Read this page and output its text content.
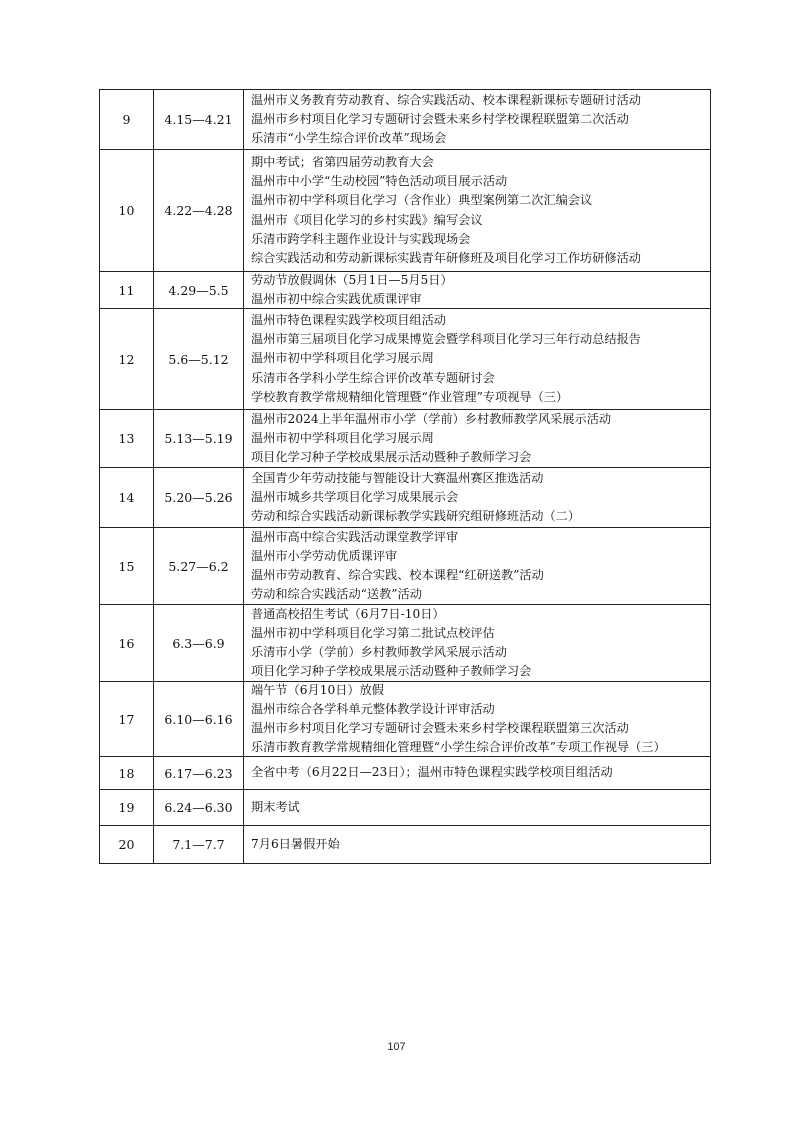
9	4.15—4.21
温州市义务教育劳动教育、综合实践活动、校本课程新课标专题研讨活动
温州市乡村项目化学习专题研讨会暨未来乡村学校课程联盟第二次活动
乐清市“小学生综合评价改革”现场会
10	4.22—4.28
期中考试；省第四届劳动教育大会
温州市中小学“生动校园”特色活动项目展示活动
温州市初中学科项目化学习（含作业）典型案例第二次汇编会议
温州市《项目化学习的乡村实践》编写会议
乐清市跨学科主题作业设计与实践现场会
综合实践活动和劳动新课标实践青年研修班及项目化学习工作坊研修活动
11	4.29—5.5
劳动节放假调休（5月1日—5月5日）
温州市初中综合实践优质课评审
12	5.6—5.12
温州市特色课程实践学校项目组活动
温州市第三届项目化学习成果博览会暨学科项目化学习三年行动总结报告
温州市初中学科项目化学习展示周
乐清市各学科小学生综合评价改革专题研讨会
学校教育教学常规精细化管理暨“作业管理”专项视导（三）
13	5.13—5.19
温州市2024上半年温州市小学（学前）乡村教师教学风采展示活动
温州市初中学科项目化学习展示周
项目化学习种子学校成果展示活动暨种子教师学习会
14	5.20—5.26
全国青少年劳动技能与智能设计大赛温州赛区推选活动
温州市城乡共学项目化学习成果展示会
劳动和综合实践活动新课标教学实践研究组研修班活动（二）
15	5.27—6.2
温州市高中综合实践活动课堂教学评审
温州市小学劳动优质课评审
温州市劳动教育、综合实践、校本课程“红研送教”活动
劳动和综合实践活动“送教”活动
16	6.3—6.9
普通高校招生考试（6月7日-10日）
温州市初中学科项目化学习第二批试点校评估
乐清市小学（学前）乡村教师教学风采展示活动
项目化学习种子学校成果展示活动暨种子教师学习会
17	6.10—6.16
端午节（6月10日）放假
温州市综合各学科单元整体教学设计评审活动
温州市乡村项目化学习专题研讨会暨未来乡村学校课程联盟第三次活动
乐清市教育教学常规精细化管理暨“小学生综合评价改革”专项工作视导（三）
18	6.17—6.23	全省中考（6月22日—23日）；温州市特色课程实践学校项目组活动
19	6.24—6.30	期末考试
20	7.1—7.7	7月6日暑假开始
107
